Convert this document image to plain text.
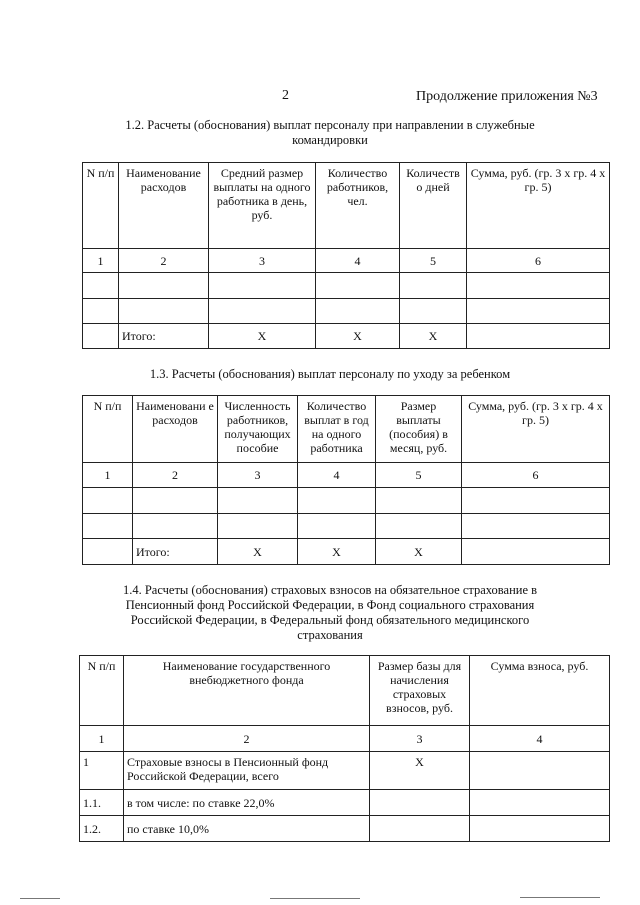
2	Продолжение приложения №3
1.2. Расчеты (обоснования) выплат персоналу при направлении в служебные командировки
N п/п	Наименование расходов	Средний размер выплаты на одного работника в день, руб.	Количество работников, чел.	Количеств о дней	Сумма, руб. (гр. 3 х гр. 4 х гр. 5)
1	2	3	4	5	6

	Итого:	X	X	X	
1.3. Расчеты (обоснования) выплат персоналу по уходу за ребенком
N п/п	Наименовани е расходов	Численность работников, получающих пособие	Количество выплат в год на одного работника	Размер выплаты (пособия) в месяц, руб.	Сумма, руб. (гр. 3 х гр. 4 х гр. 5)
1	2	3	4	5	6

	Итого:	X	X	X	
1.4. Расчеты (обоснования) страховых взносов на обязательное страхование в Пенсионный фонд Российской Федерации, в Фонд социального страхования Российской Федерации, в Федеральный фонд обязательного медицинского страхования
N п/п	Наименование государственного внебюджетного фонда	Размер базы для начисления страховых взносов, руб.	Сумма взноса, руб.
1	2	3	4
1	Страховые взносы в Пенсионный фонд Российской Федерации, всего	X	
1.1.	в том числе: по ставке 22,0%		
1.2.	по ставке 10,0%		
